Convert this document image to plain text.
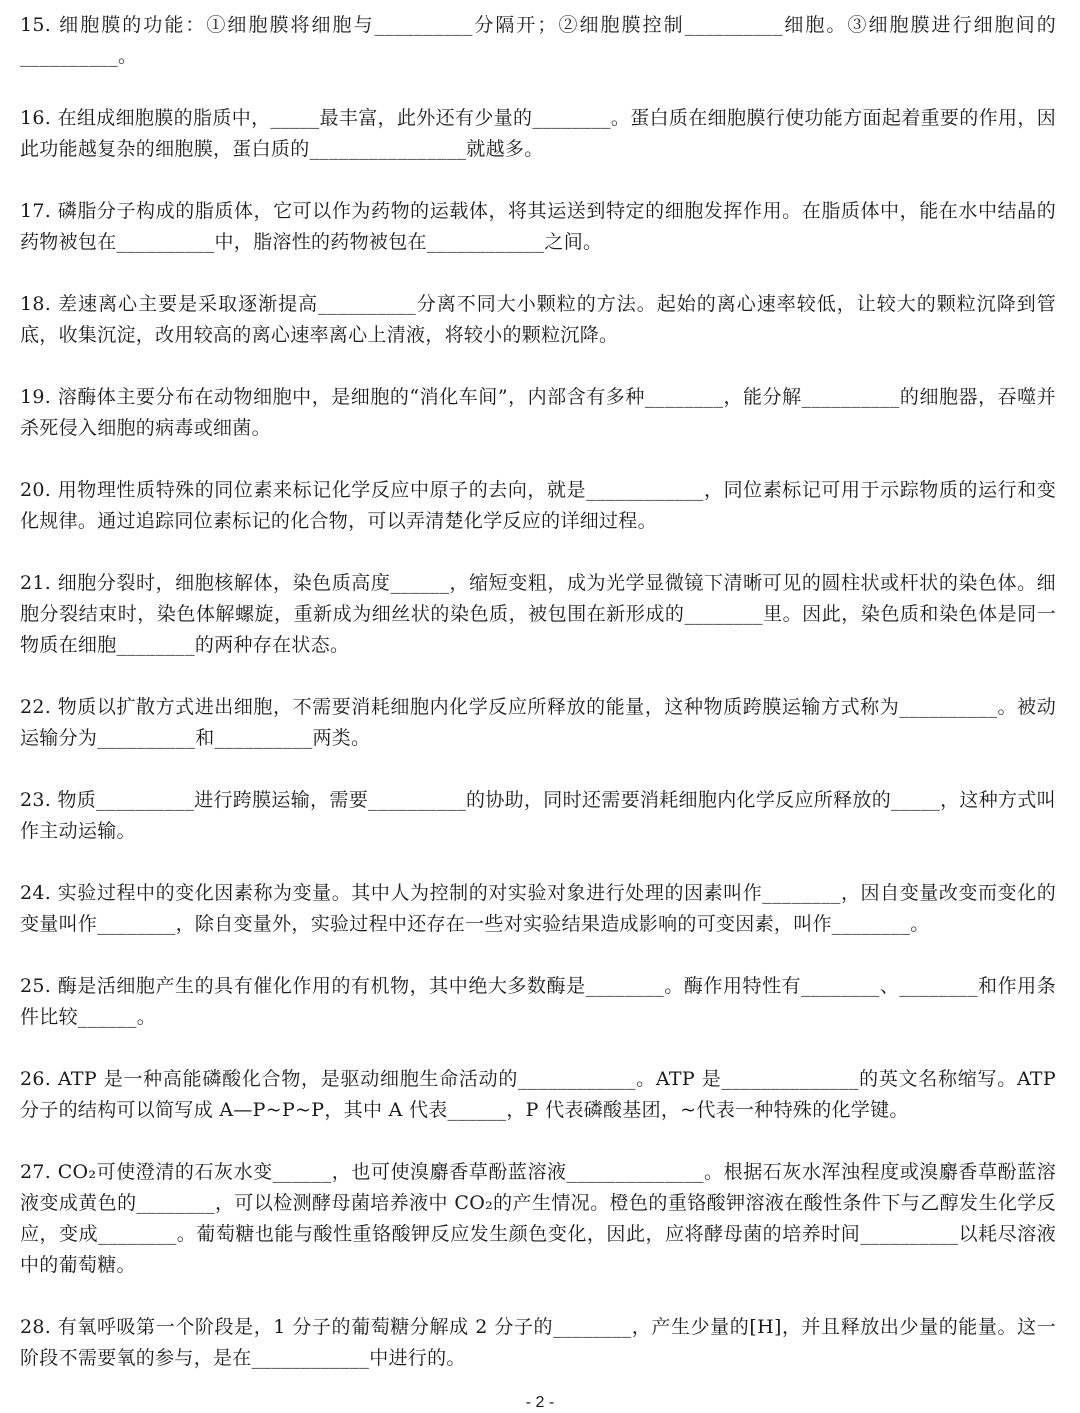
15. 细胞膜的功能：①细胞膜将细胞与__________分隔开；②细胞膜控制__________细胞。③细胞膜进行细胞间的__________。

16. 在组成细胞膜的脂质中，_____最丰富，此外还有少量的________。蛋白质在细胞膜行使功能方面起着重要的作用，因此功能越复杂的细胞膜，蛋白质的________________就越多。

17. 磷脂分子构成的脂质体，它可以作为药物的运载体，将其运送到特定的细胞发挥作用。在脂质体中，能在水中结晶的药物被包在__________中，脂溶性的药物被包在____________之间。

18. 差速离心主要是采取逐渐提高__________分离不同大小颗粒的方法。起始的离心速率较低，让较大的颗粒沉降到管底，收集沉淀，改用较高的离心速率离心上清液，将较小的颗粒沉降。

19. 溶酶体主要分布在动物细胞中，是细胞的“消化车间”，内部含有多种________，能分解__________的细胞器，吞噬并杀死侵入细胞的病毒或细菌。

20. 用物理性质特殊的同位素来标记化学反应中原子的去向，就是____________，同位素标记可用于示踪物质的运行和变化规律。通过追踪同位素标记的化合物，可以弄清楚化学反应的详细过程。

21. 细胞分裂时，细胞核解体，染色质高度______，缩短变粗，成为光学显微镜下清晰可见的圆柱状或杆状的染色体。细胞分裂结束时，染色体解螺旋，重新成为细丝状的染色质，被包围在新形成的________里。因此，染色质和染色体是同一物质在细胞________的两种存在状态。

22. 物质以扩散方式进出细胞，不需要消耗细胞内化学反应所释放的能量，这种物质跨膜运输方式称为__________。被动运输分为__________和__________两类。

23. 物质__________进行跨膜运输，需要__________的协助，同时还需要消耗细胞内化学反应所释放的_____，这种方式叫作主动运输。

24. 实验过程中的变化因素称为变量。其中人为控制的对实验对象进行处理的因素叫作________，因自变量改变而变化的变量叫作________，除自变量外，实验过程中还存在一些对实验结果造成影响的可变因素，叫作________。

25. 酶是活细胞产生的具有催化作用的有机物，其中绝大多数酶是________。酶作用特性有________、________和作用条件比较______。

26. ATP 是一种高能磷酸化合物，是驱动细胞生命活动的____________。ATP 是______________的英文名称缩写。ATP 分子的结构可以简写成 A—P~P~P，其中 A 代表______，P 代表磷酸基团，~代表一种特殊的化学键。

27. CO₂可使澄清的石灰水变______，也可使溴麝香草酚蓝溶液______________。根据石灰水浑浊程度或溴麝香草酚蓝溶液变成黄色的________，可以检测酵母菌培养液中 CO₂的产生情况。橙色的重铬酸钾溶液在酸性条件下与乙醇发生化学反应，变成________。葡萄糖也能与酸性重铬酸钾反应发生颜色变化，因此，应将酵母菌的培养时间__________以耗尽溶液中的葡萄糖。

28. 有氧呼吸第一个阶段是，1 分子的葡萄糖分解成 2 分子的________，产生少量的[H]，并且释放出少量的能量。这一阶段不需要氧的参与，是在____________中进行的。

- 2 -
